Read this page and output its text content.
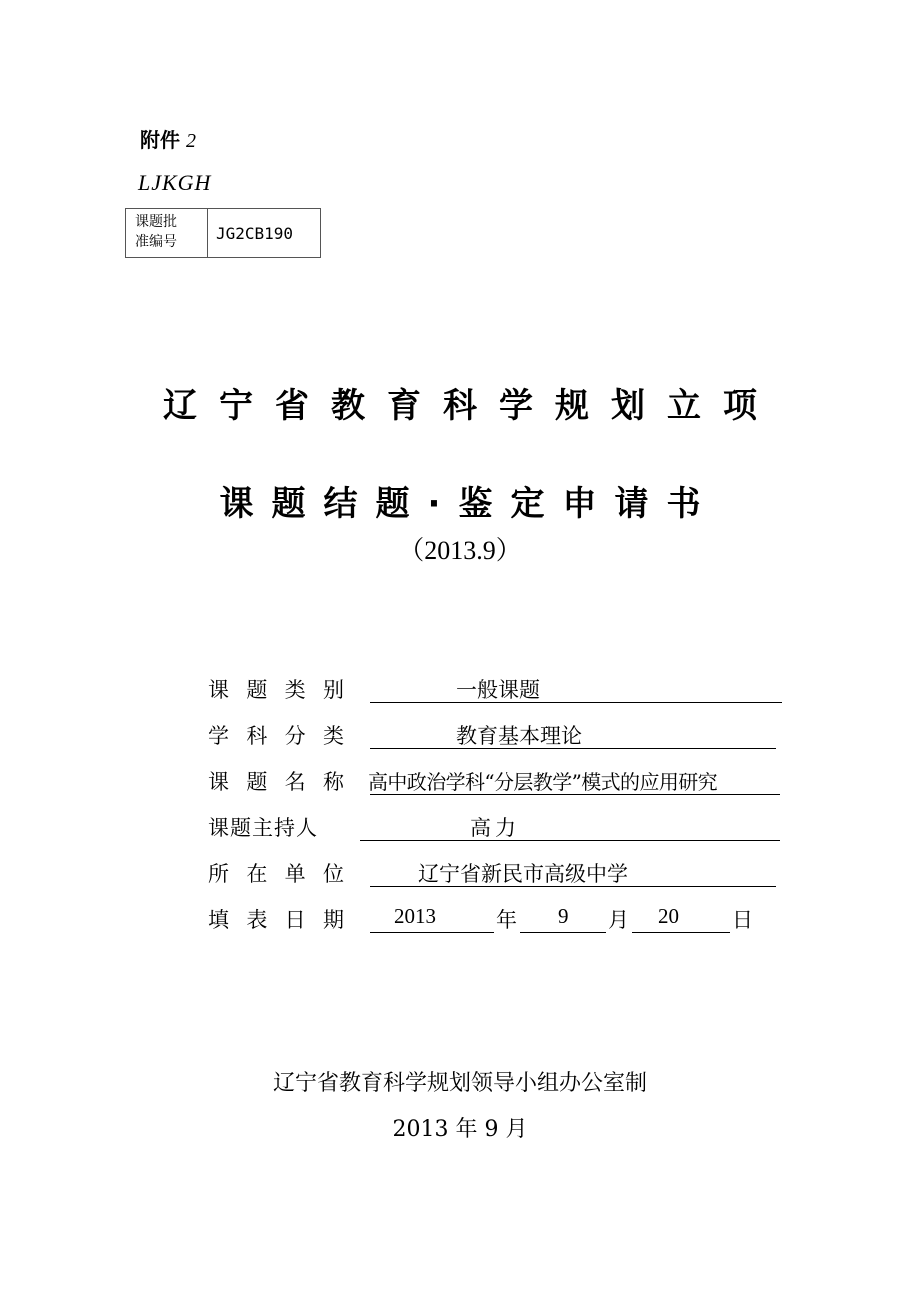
附件 2
LJKGH
课题批
准编号	JG2CB190
辽宁省教育科学规划立项
课题结题·鉴定申请书
（2013.9）
课 题 类 别	一般课题
学 科 分 类	教育基本理论
课 题 名 称 高中政治学科“分层教学”模式的应用研究
课题主持人	高力
所 在 单 位	辽宁省新民市高级中学
填 表 日 期 2013	年 9 月 20	日
辽宁省教育科学规划领导小组办公室制
2013 年 9 月
